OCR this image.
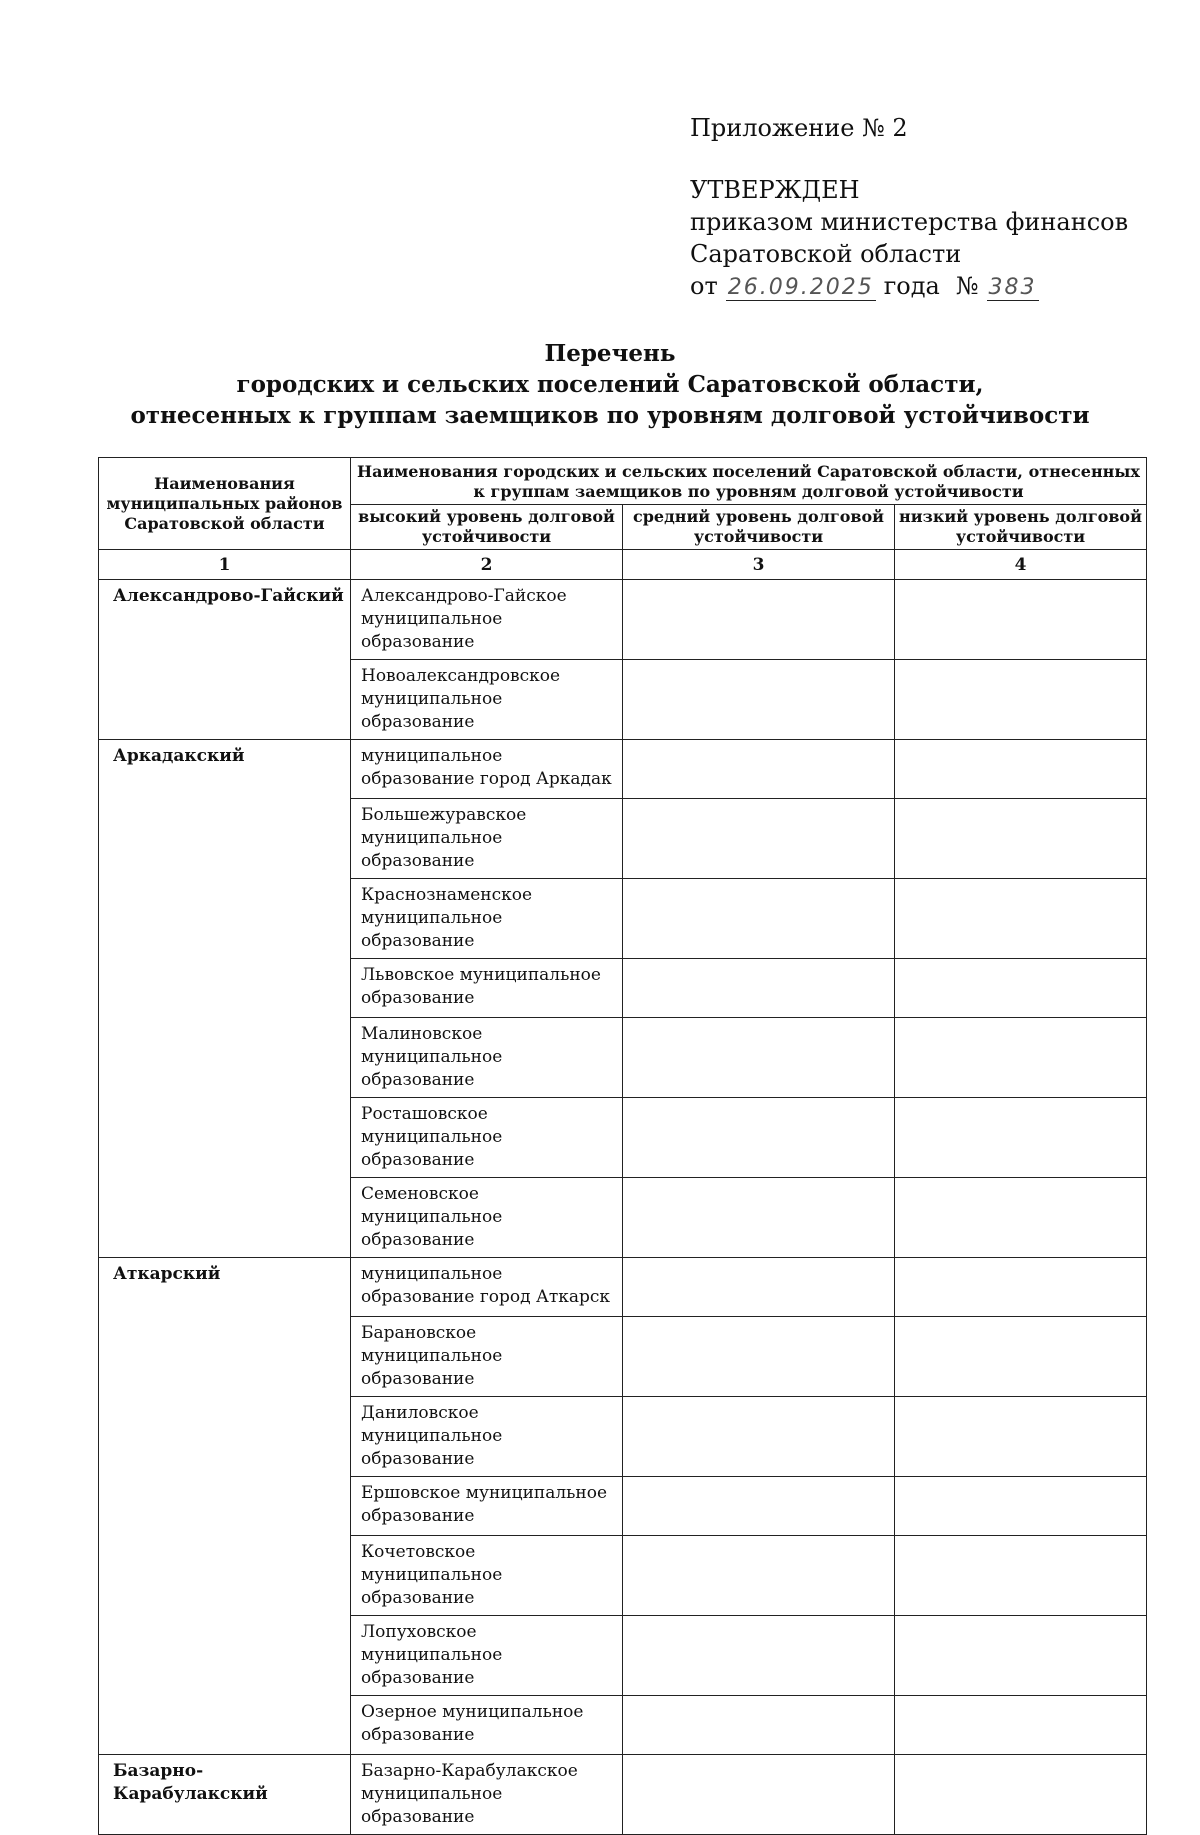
Приложение № 2
УТВЕРЖДЕН
приказом министерства финансов
Саратовской области
от 26.09.2025 года № 383
Перечень
городских и сельских поселений Саратовской области,
отнесенных к группам заемщиков по уровням долговой устойчивости
Наименования муниципальных районов Саратовской области	Наименования городских и сельских поселений Саратовской области, отнесенных к группам заемщиков по уровням долговой устойчивости		
	высокий уровень долговой устойчивости	средний уровень долговой устойчивости	низкий уровень долговой устойчивости
1	2	3	4
Александрово-Гайский	Александрово-Гайское муниципальное образование		
	Новоалександровское муниципальное образование		
Аркадакский	муниципальное образование город Аркадак		
	Большежуравское муниципальное образование		
	Краснознаменское муниципальное образование		
	Львовское муниципальное образование		
	Малиновское муниципальное образование		
	Росташовское муниципальное образование		
	Семеновское муниципальное образование		
Аткарский	муниципальное образование город Аткарск		
	Барановское муниципальное образование		
	Даниловское муниципальное образование		
	Ершовское муниципальное образование		
	Кочетовское муниципальное образование		
	Лопуховское муниципальное образование		
	Озерное муниципальное образование		
Базарно-Карабулакский	Базарно-Карабулакское муниципальное образование		
